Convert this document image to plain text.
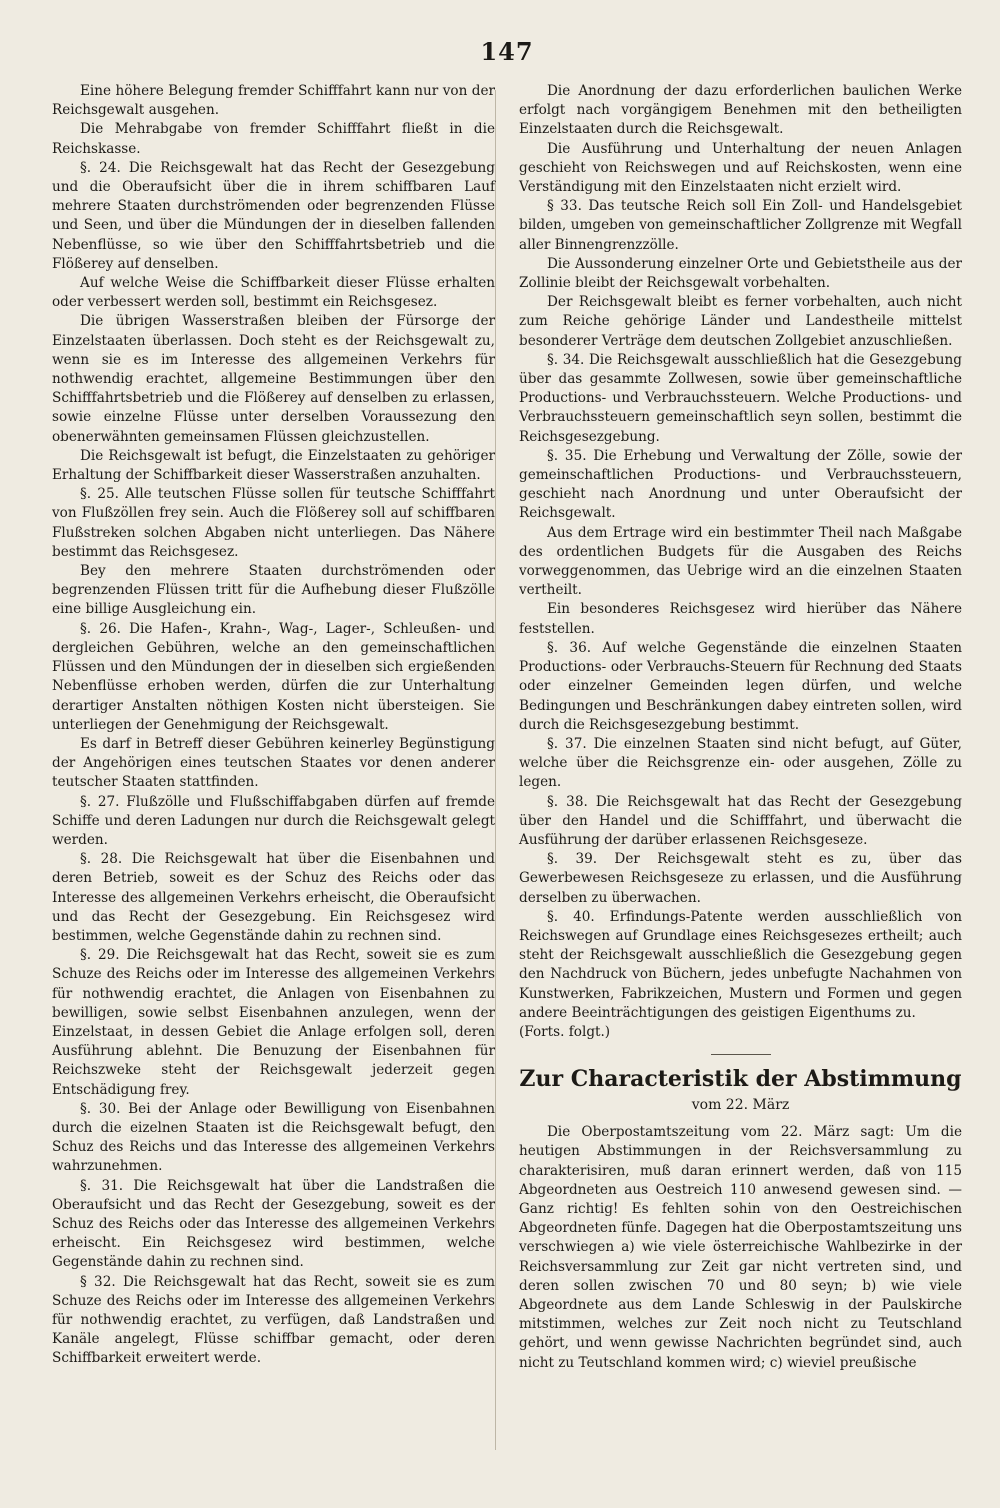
147

Eine höhere Belegung fremder Schifffahrt kann nur von der Reichsgewalt ausgehen.

Die Mehrabgabe von fremder Schifffahrt fließt in die Reichskasse.

§. 24. Die Reichsgewalt hat das Recht der Gesezgebung und die Oberaufsicht über die in ihrem schiffbaren Lauf mehrere Staaten durchströmenden oder begrenzenden Flüsse und Seen, und über die Mündungen der in dieselben fallenden Nebenflüsse, so wie über den Schifffahrtsbetrieb und die Flößerey auf denselben.

Auf welche Weise die Schiffbarkeit dieser Flüsse erhalten oder verbessert werden soll, bestimmt ein Reichsgesez.

Die übrigen Wasserstraßen bleiben der Fürsorge der Einzelstaaten überlassen. Doch steht es der Reichsgewalt zu, wenn sie es im Interesse des allgemeinen Verkehrs für nothwendig erachtet, allgemeine Bestimmungen über den Schifffahrtsbetrieb und die Flößerey auf denselben zu erlassen, sowie einzelne Flüsse unter derselben Voraussezung den obenerwähnten gemeinsamen Flüssen gleichzustellen.

Die Reichsgewalt ist befugt, die Einzelstaaten zu gehöriger Erhaltung der Schiffbarkeit dieser Wasserstraßen anzuhalten.

§. 25. Alle teutschen Flüsse sollen für teutsche Schifffahrt von Flußzöllen frey sein. Auch die Flößerey soll auf schiffbaren Flußstreken solchen Abgaben nicht unterliegen. Das Nähere bestimmt das Reichsgesez.

Bey den mehrere Staaten durchströmenden oder begrenzenden Flüssen tritt für die Aufhebung dieser Flußzölle eine billige Ausgleichung ein.

§. 26. Die Hafen-, Krahn-, Wag-, Lager-, Schleußen- und dergleichen Gebühren, welche an den gemeinschaftlichen Flüssen und den Mündungen der in dieselben sich ergießenden Nebenflüsse erhoben werden, dürfen die zur Unterhaltung derartiger Anstalten nöthigen Kosten nicht übersteigen. Sie unterliegen der Genehmigung der Reichsgewalt.

Es darf in Betreff dieser Gebühren keinerley Begünstigung der Angehörigen eines teutschen Staates vor denen anderer teutscher Staaten stattfinden.

§. 27. Flußzölle und Flußschiffabgaben dürfen auf fremde Schiffe und deren Ladungen nur durch die Reichsgewalt gelegt werden.

§. 28. Die Reichsgewalt hat über die Eisenbahnen und deren Betrieb, soweit es der Schuz des Reichs oder das Interesse des allgemeinen Verkehrs erheischt, die Oberaufsicht und das Recht der Gesezgebung. Ein Reichsgesez wird bestimmen, welche Gegenstände dahin zu rechnen sind.

§. 29. Die Reichsgewalt hat das Recht, soweit sie es zum Schuze des Reichs oder im Interesse des allgemeinen Verkehrs für nothwendig erachtet, die Anlagen von Eisenbahnen zu bewilligen, sowie selbst Eisenbahnen anzulegen, wenn der Einzelstaat, in dessen Gebiet die Anlage erfolgen soll, deren Ausführung ablehnt. Die Benuzung der Eisenbahnen für Reichszweke steht der Reichsgewalt jederzeit gegen Entschädigung frey.

§. 30. Bei der Anlage oder Bewilligung von Eisenbahnen durch die eizelnen Staaten ist die Reichsgewalt befugt, den Schuz des Reichs und das Interesse des allgemeinen Verkehrs wahrzunehmen.

§. 31. Die Reichsgewalt hat über die Landstraßen die Oberaufsicht und das Recht der Gesezgebung, soweit es der Schuz des Reichs oder das Interesse des allgemeinen Verkehrs erheischt. Ein Reichsgesez wird bestimmen, welche Gegenstände dahin zu rechnen sind.

§ 32. Die Reichsgewalt hat das Recht, soweit sie es zum Schuze des Reichs oder im Interesse des allgemeinen Verkehrs für nothwendig erachtet, zu verfügen, daß Landstraßen und Kanäle angelegt, Flüsse schiffbar gemacht, oder deren Schiffbarkeit erweitert werde.

Die Anordnung der dazu erforderlichen baulichen Werke erfolgt nach vorgängigem Benehmen mit den betheiligten Einzelstaaten durch die Reichsgewalt.

Die Ausführung und Unterhaltung der neuen Anlagen geschieht von Reichswegen und auf Reichskosten, wenn eine Verständigung mit den Einzelstaaten nicht erzielt wird.

§ 33. Das teutsche Reich soll Ein Zoll- und Handelsgebiet bilden, umgeben von gemeinschaftlicher Zollgrenze mit Wegfall aller Binnengrenzzölle.

Die Aussonderung einzelner Orte und Gebietstheile aus der Zollinie bleibt der Reichsgewalt vorbehalten.

Der Reichsgewalt bleibt es ferner vorbehalten, auch nicht zum Reiche gehörige Länder und Landestheile mittelst besonderer Verträge dem deutschen Zollgebiet anzuschließen.

§. 34. Die Reichsgewalt ausschließlich hat die Gesezgebung über das gesammte Zollwesen, sowie über gemeinschaftliche Productions- und Verbrauchssteuern. Welche Productions- und Verbrauchssteuern gemeinschaftlich seyn sollen, bestimmt die Reichsgesezgebung.

§. 35. Die Erhebung und Verwaltung der Zölle, sowie der gemeinschaftlichen Productions- und Verbrauchssteuern, geschieht nach Anordnung und unter Oberaufsicht der Reichsgewalt.

Aus dem Ertrage wird ein bestimmter Theil nach Maßgabe des ordentlichen Budgets für die Ausgaben des Reichs vorweggenommen, das Uebrige wird an die einzelnen Staaten vertheilt.

Ein besonderes Reichsgesez wird hierüber das Nähere feststellen.

§. 36. Auf welche Gegenstände die einzelnen Staaten Productions- oder Verbrauchs-Steuern für Rechnung ded Staats oder einzelner Gemeinden legen dürfen, und welche Bedingungen und Beschränkungen dabey eintreten sollen, wird durch die Reichsgesezgebung bestimmt.

§. 37. Die einzelnen Staaten sind nicht befugt, auf Güter, welche über die Reichsgrenze ein- oder ausgehen, Zölle zu legen.

§. 38. Die Reichsgewalt hat das Recht der Gesezgebung über den Handel und die Schifffahrt, und überwacht die Ausführung der darüber erlassenen Reichsgeseze.

§. 39. Der Reichsgewalt steht es zu, über das Gewerbewesen Reichsgeseze zu erlassen, und die Ausführung derselben zu überwachen.

§. 40. Erfindungs-Patente werden ausschließlich von Reichswegen auf Grundlage eines Reichsgesezes ertheilt; auch steht der Reichsgewalt ausschließlich die Gesezgebung gegen den Nachdruck von Büchern, jedes unbefugte Nachahmen von Kunstwerken, Fabrikzeichen, Mustern und Formen und gegen andere Beeinträchtigungen des geistigen Eigenthums zu.

(Forts. folgt.)

Zur Characteristik der Abstimmung
vom 22. März

Die Oberpostamtszeitung vom 22. März sagt: Um die heutigen Abstimmungen in der Reichsversammlung zu charakterisiren, muß daran erinnert werden, daß von 115 Abgeordneten aus Oestreich 110 anwesend gewesen sind. — Ganz richtig! Es fehlten sohin von den Oestreichischen Abgeordneten fünfe. Dagegen hat die Oberpostamtszeitung uns verschwiegen a) wie viele österreichische Wahlbezirke in der Reichsversammlung zur Zeit gar nicht vertreten sind, und deren sollen zwischen 70 und 80 seyn; b) wie viele Abgeordnete aus dem Lande Schleswig in der Paulskirche mitstimmen, welches zur Zeit noch nicht zu Teutschland gehört, und wenn gewisse Nachrichten begründet sind, auch nicht zu Teutschland kommen wird; c) wieviel preußische
